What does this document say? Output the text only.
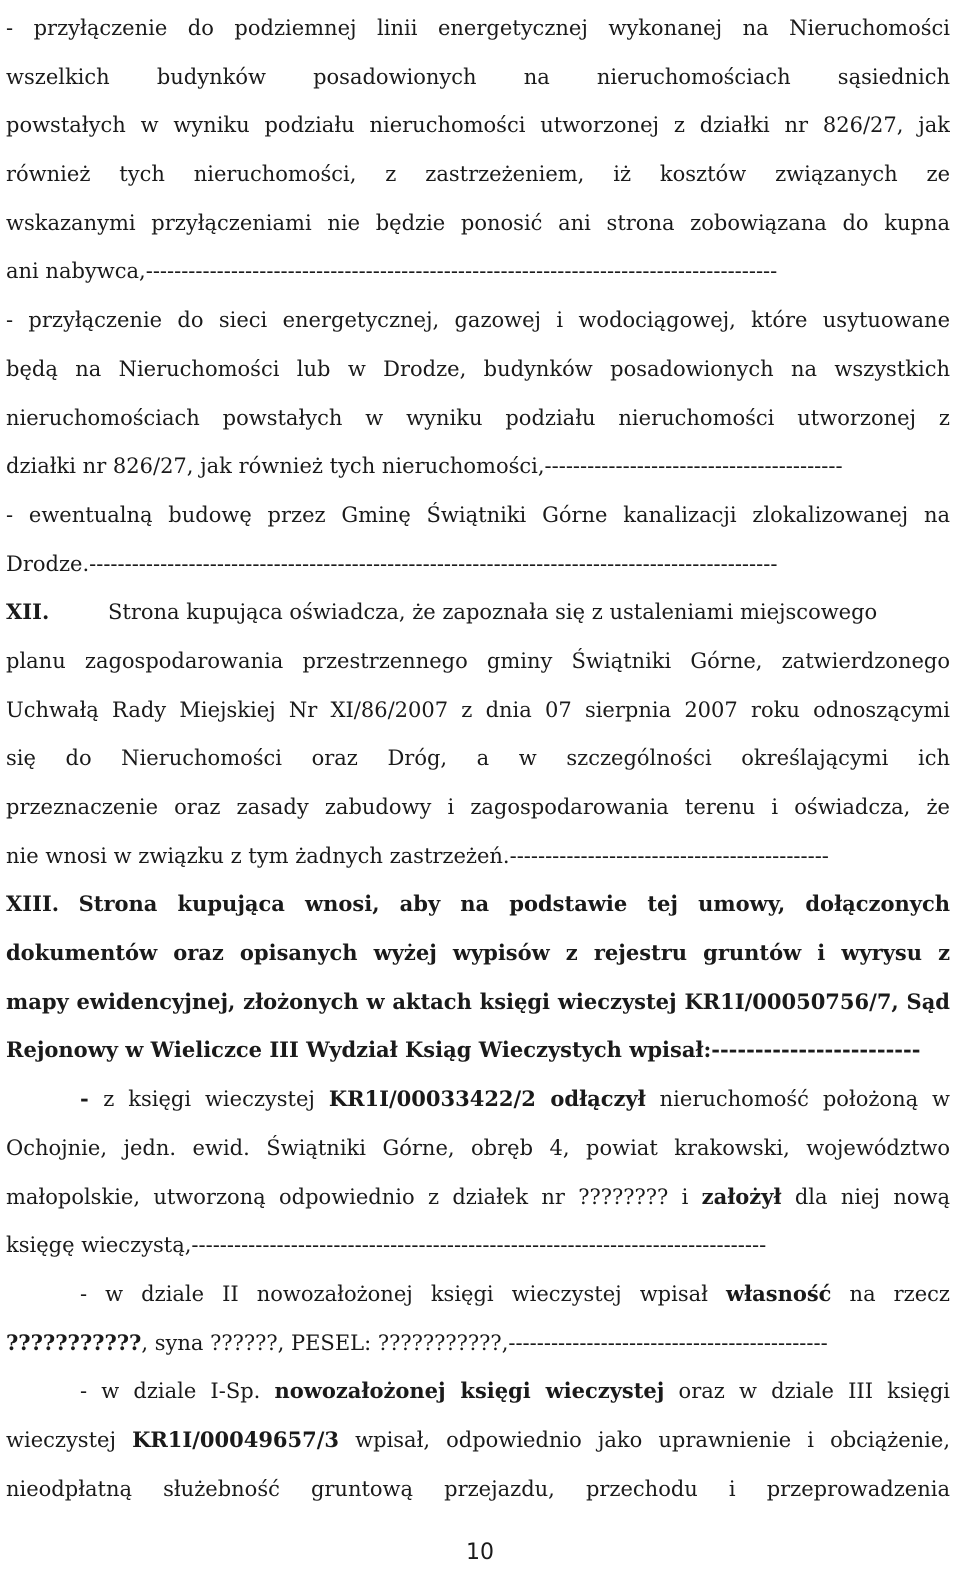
- przyłączenie do podziemnej linii energetycznej wykonanej na Nieruchomości
wszelkich budynków posadowionych na nieruchomościach sąsiednich
powstałych w wyniku podziału nieruchomości utworzonej z działki nr 826/27, jak
również tych nieruchomości, z zastrzeżeniem, iż kosztów związanych ze
wskazanymi przyłączeniami nie będzie ponosić ani strona zobowiązana do kupna
ani nabywca,-----------------------------------------------------------------------------------------
- przyłączenie do sieci energetycznej, gazowej i wodociągowej, które usytuowane
będą na Nieruchomości lub w Drodze, budynków posadowionych na wszystkich
nieruchomościach powstałych w wyniku podziału nieruchomości utworzonej z
działki nr 826/27, jak również tych nieruchomości,------------------------------------------
- ewentualną budowę przez Gminę Świątniki Górne kanalizacji zlokalizowanej na
Drodze.-------------------------------------------------------------------------------------------------
XII.	Strona kupująca oświadcza, że zapoznała się z ustaleniami miejscowego
planu zagospodarowania przestrzennego gminy Świątniki Górne, zatwierdzonego
Uchwałą Rady Miejskiej Nr XI/86/2007 z dnia 07 sierpnia 2007 roku odnoszącymi
się do Nieruchomości oraz Dróg, a w szczególności określającymi ich
przeznaczenie oraz zasady zabudowy i zagospodarowania terenu i oświadcza, że
nie wnosi w związku z tym żadnych zastrzeżeń.---------------------------------------------
XIII. Strona kupująca wnosi, aby na podstawie tej umowy, dołączonych
dokumentów oraz opisanych wyżej wypisów z rejestru gruntów i wyrysu z
mapy ewidencyjnej, złożonych w aktach księgi wieczystej KR1I/00050756/7, Sąd
Rejonowy w Wieliczce III Wydział Ksiąg Wieczystych wpisał:------------------------
- z księgi wieczystej KR1I/00033422/2 odłączył nieruchomość położoną w
Ochojnie, jedn. ewid. Świątniki Górne, obręb 4, powiat krakowski, województwo
małopolskie, utworzoną odpowiednio z działek nr ???????? i założył dla niej nową
księgę wieczystą,---------------------------------------------------------------------------------
- w dziale II nowozałożonej księgi wieczystej wpisał własność na rzecz
???????????, syna ??????, PESEL: ???????????,---------------------------------------------
- w dziale I-Sp. nowozałożonej księgi wieczystej oraz w dziale III księgi
wieczystej KR1I/00049657/3 wpisał, odpowiednio jako uprawnienie i obciążenie,
nieodpłatną służebność gruntową przejazdu, przechodu i przeprowadzenia
10
